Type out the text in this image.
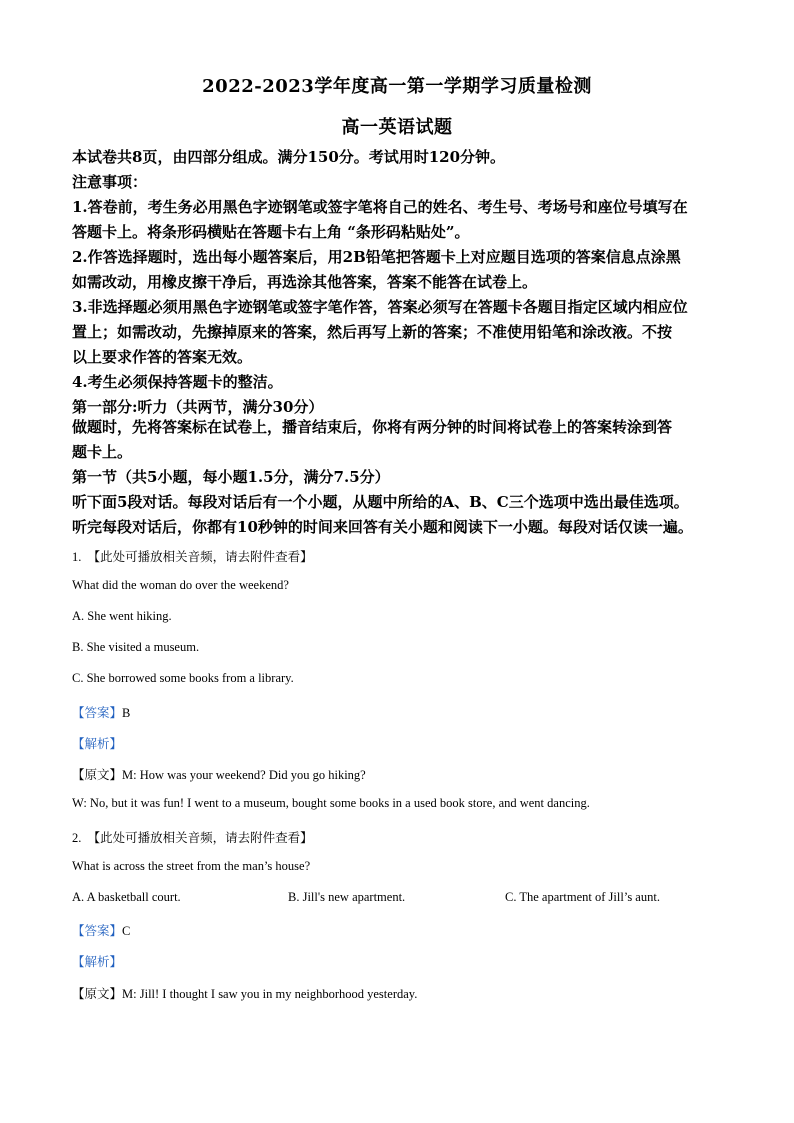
2022-2023学年度高一第一学期学习质量检测
高一英语试题
本试卷共8页，由四部分组成。满分150分。考试用时120分钟。
注意事项：
1.答卷前，考生务必用黑色字迹钢笔或签字笔将自己的姓名、考生号、考场号和座位号填写在
答题卡上。将条形码横贴在答题卡右上角 “条形码粘贴处”。
2.作答选择题时，选出每小题答案后，用2B铅笔把答题卡上对应题目选项的答案信息点涂黑
如需改动，用橡皮擦干净后，再选涂其他答案，答案不能答在试卷上。
3.非选择题必须用黑色字迹钢笔或签字笔作答，答案必须写在答题卡各题目指定区域内相应位
置上；如需改动，先擦掉原来的答案，然后再写上新的答案；不准使用铅笔和涂改液。不按
以上要求作答的答案无效。
4.考生必须保持答题卡的整洁。
第一部分:听力（共两节，满分30分）
做题时，先将答案标在试卷上，播音结束后，你将有两分钟的时间将试卷上的答案转涂到答
题卡上。
第一节（共5小题，每小题1.5分，满分7.5分）
听下面5段对话。每段对话后有一个小题，从题中所给的A、B、C三个选项中选出最佳选项。
听完每段对话后，你都有10秒钟的时间来回答有关小题和阅读下一小题。每段对话仅读一遍。
1. 【此处可播放相关音频，请去附件查看】
What did the woman do over the weekend?
A. She went hiking.
B. She visited a museum.
C. She borrowed some books from a library.
【答案】B
【解析】
【原文】M: How was your weekend? Did you go hiking?
W: No, but it was fun! I went to a museum, bought some books in a used book store, and went dancing.
2. 【此处可播放相关音频，请去附件查看】
What is across the street from the man’s house?
A. A basketball court.	B. Jill's new apartment.	C. The apartment of Jill’s aunt.
【答案】C
【解析】
【原文】M: Jill! I thought I saw you in my neighborhood yesterday.
